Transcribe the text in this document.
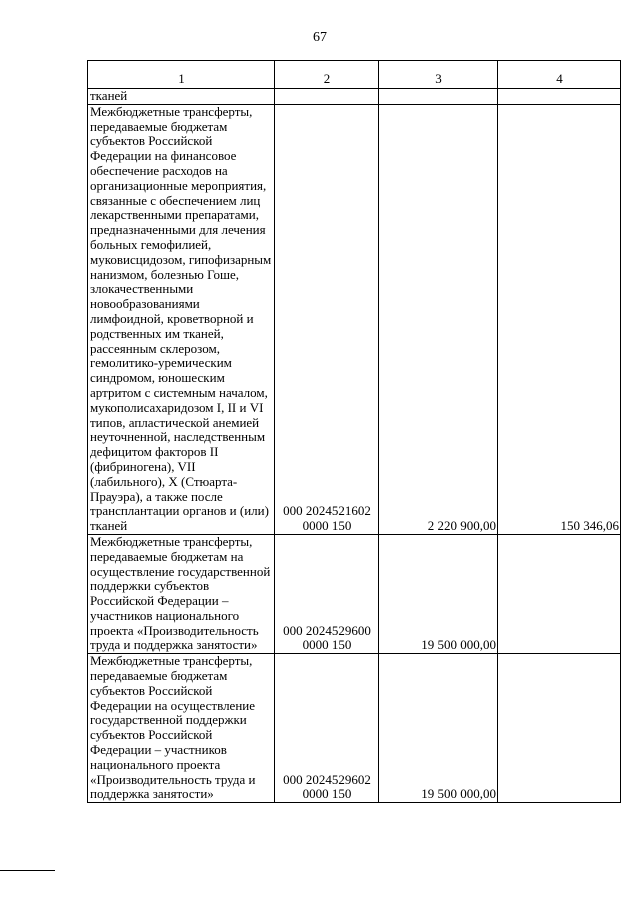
67
1	2	3	4
тканей			
Межбюджетные трансферты, передаваемые бюджетам субъектов Российской Федерации на финансовое обеспечение расходов на организационные мероприятия, связанные с обеспечением лиц лекарственными препаратами, предназначенными для лечения больных гемофилией, муковисцидозом, гипофизарным нанизмом, болезнью Гоше, злокачественными новообразованиями лимфоидной, кроветворной и родственных им тканей, рассеянным склерозом, гемолитико-уремическим синдромом, юношеским артритом с системным началом, мукополисахаридозом I, II и VI типов, апластической анемией неуточненной, наследственным дефицитом факторов II (фибриногена), VII (лабильного), X (Стюарта-Прауэра), а также после трансплантации органов и (или) тканей	000 2024521602
0000 150	2 220 900,00	150 346,06
Межбюджетные трансферты, передаваемые бюджетам на осуществление государственной поддержки субъектов Российской Федерации – участников национального проекта «Производительность труда и поддержка занятости»	000 2024529600
0000 150	19 500 000,00	
Межбюджетные трансферты, передаваемые бюджетам субъектов Российской Федерации на осуществление государственной поддержки субъектов Российской Федерации – участников национального проекта «Производительность труда и поддержка занятости»	000 2024529602
0000 150	19 500 000,00	
